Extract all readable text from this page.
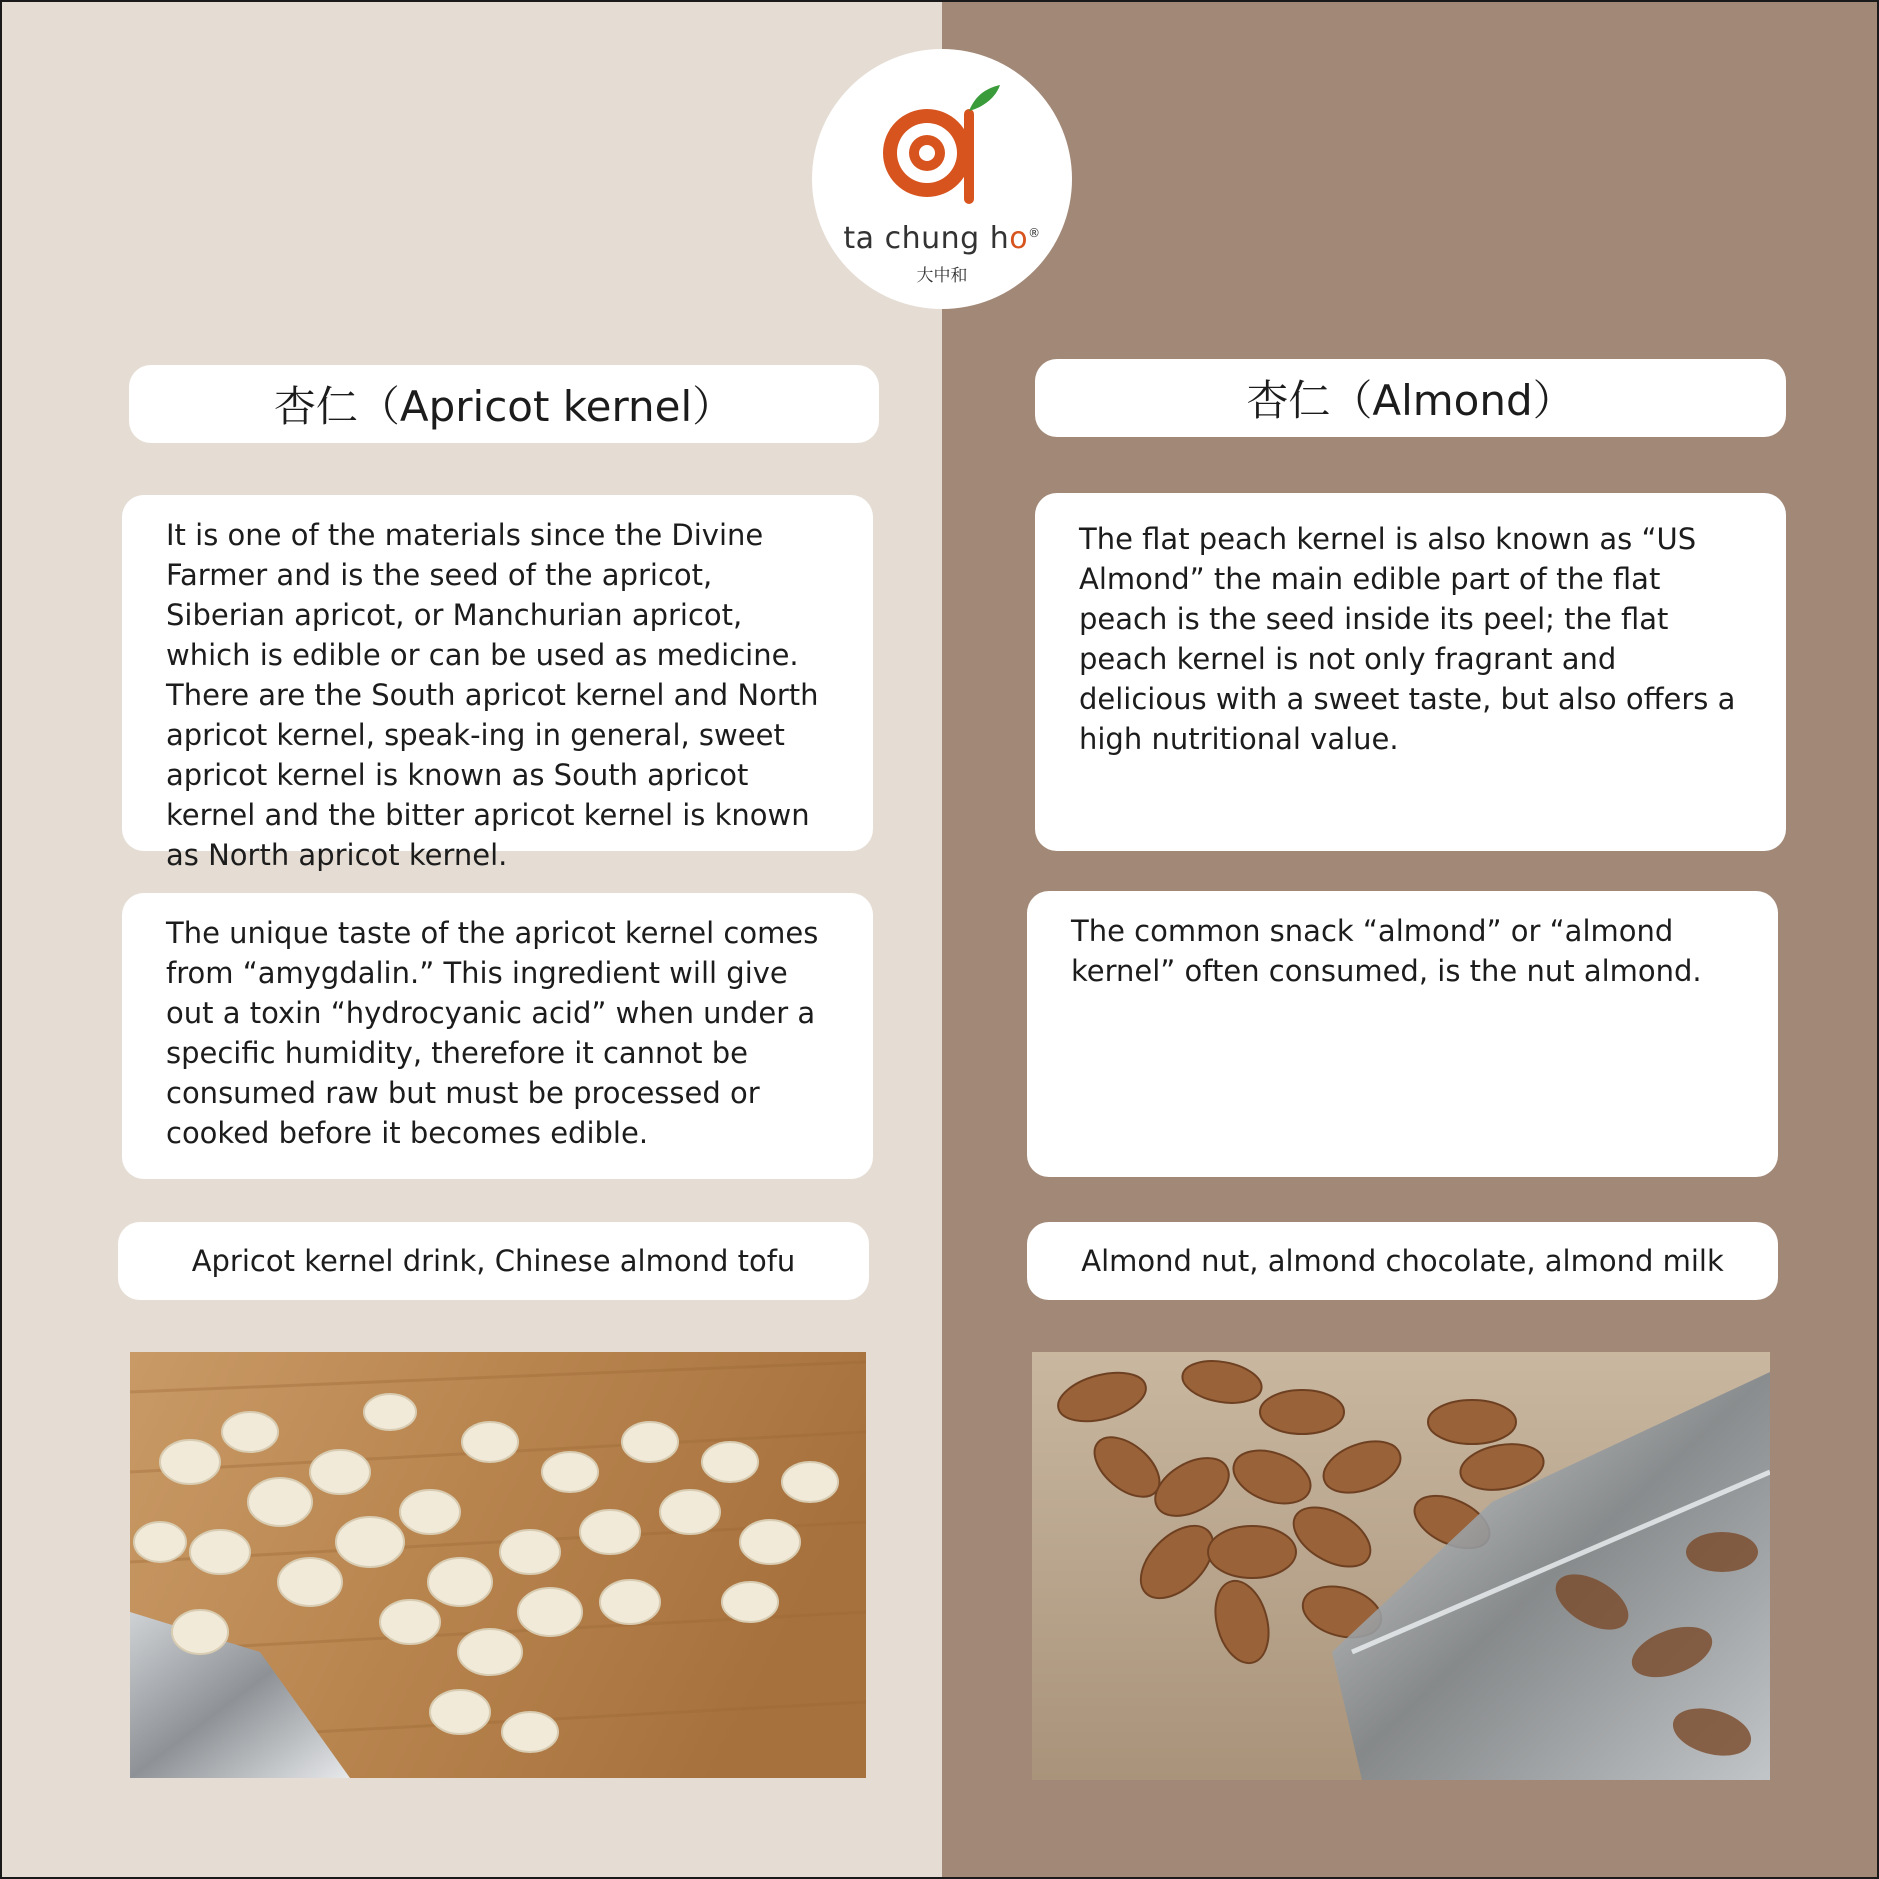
ta chung ho®
大中和
杏仁（Apricot kernel）
It is one of the materials since the Divine Farmer and is the seed of the apricot, Siberian apricot, or Manchurian apricot, which is edible or can be used as medicine. There are the South apricot kernel and North apricot kernel, speak-ing in general, sweet apricot kernel is known as South apricot kernel and the bitter apricot kernel is known as North apricot kernel.
The unique taste of the apricot kernel comes from “amygdalin.” This ingredient will give out a toxin “hydrocyanic acid” when under a specific humidity, therefore it cannot be consumed raw but must be processed or cooked before it becomes edible.
Apricot kernel drink, Chinese almond tofu
杏仁（Almond）
The flat peach kernel is also known as “US Almond” the main edible part of the flat peach is the seed inside its peel; the flat peach kernel is not only fragrant and delicious with a sweet taste, but also offers a high nutritional value.
The common snack “almond” or “almond kernel” often consumed, is the nut almond.
Almond nut, almond chocolate, almond milk
